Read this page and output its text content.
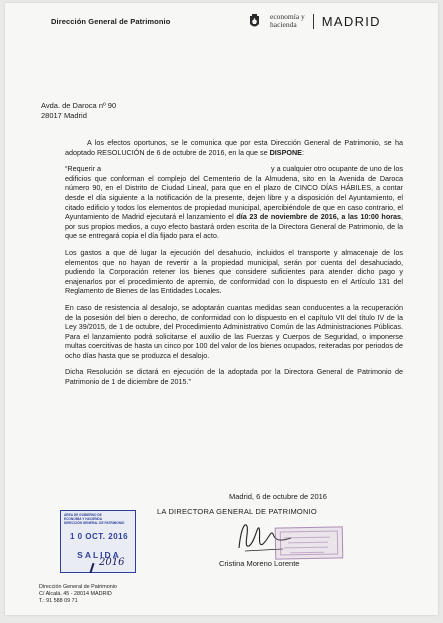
Dirección General de Patrimonio
economía y
hacienda	MADRID
Avda. de Daroca nº 90
28017 Madrid

A los efectos oportunos, se le comunica que por esta Dirección General de Patrimonio, se ha adoptado RESOLUCIÓN de 6 de octubre de 2016, en la que se DISPONE:

“Requerir a	y a cualquier otro ocupante de uno de los edificios que conforman el complejo del Cementerio de la Almudena, sito en la Avenida de Daroca número 90, en el Distrito de Ciudad Lineal, para que en el plazo de CINCO DÍAS HÁBILES, a contar desde el día siguiente a la notificación de la presente, dejen libre y a disposición del Ayuntamiento, el citado edificio y todos los elementos de propiedad municipal, apercibiéndole de que en caso contrario, el Ayuntamiento de Madrid ejecutará el lanzamiento el día 23 de noviembre de 2016, a las 10:00 horas, por sus propios medios, a cuyo efecto bastará orden escrita de la Directora General de Patrimonio, de la que se entregará copia el día fijado para el acto.

Los gastos a que dé lugar la ejecución del desahucio, incluidos el transporte y almacenaje de los elementos que no hayan de revertir a la propiedad municipal, serán por cuenta del desahuciado, pudiendo la Corporación retener los bienes que considere suficientes para atender dicho pago y enajenarlos por el procedimiento de apremio, de conformidad con lo dispuesto en el Artículo 131 del Reglamento de Bienes de las Entidades Locales.

En caso de resistencia al desalojo, se adoptarán cuantas medidas sean conducentes a la recuperación de la posesión del bien o derecho, de conformidad con lo dispuesto en el capítulo VII del título IV de la Ley 39/2015, de 1 de octubre, del Procedimiento Administrativo Común de las Administraciones Públicas. Para el lanzamiento podrá solicitarse el auxilio de las Fuerzas y Cuerpos de Seguridad, o imponerse multas coercitivas de hasta un cinco por 100 del valor de los bienes ocupados, reiteradas por periodos de ocho días hasta que se produzca el desalojo.

Dicha Resolución se dictará en ejecución de la adoptada por la Directora General de Patrimonio de Patrimonio de 1 de diciembre de 2015.”

Madrid, 6 de octubre de 2016
LA DIRECTORA GENERAL DE PATRIMONIO
Cristina Moreno Lorente
ÁREA DE GOBIERNO DE
ECONOMÍA Y HACIENDA
DIRECCIÓN GENERAL DE PATRIMONIO
1 0 OCT. 2016
SALIDA
2016
Dirección General de Patrimonio
C/ Alcalá, 45 - 28014 MADRID
T.: 91 588 09 71
